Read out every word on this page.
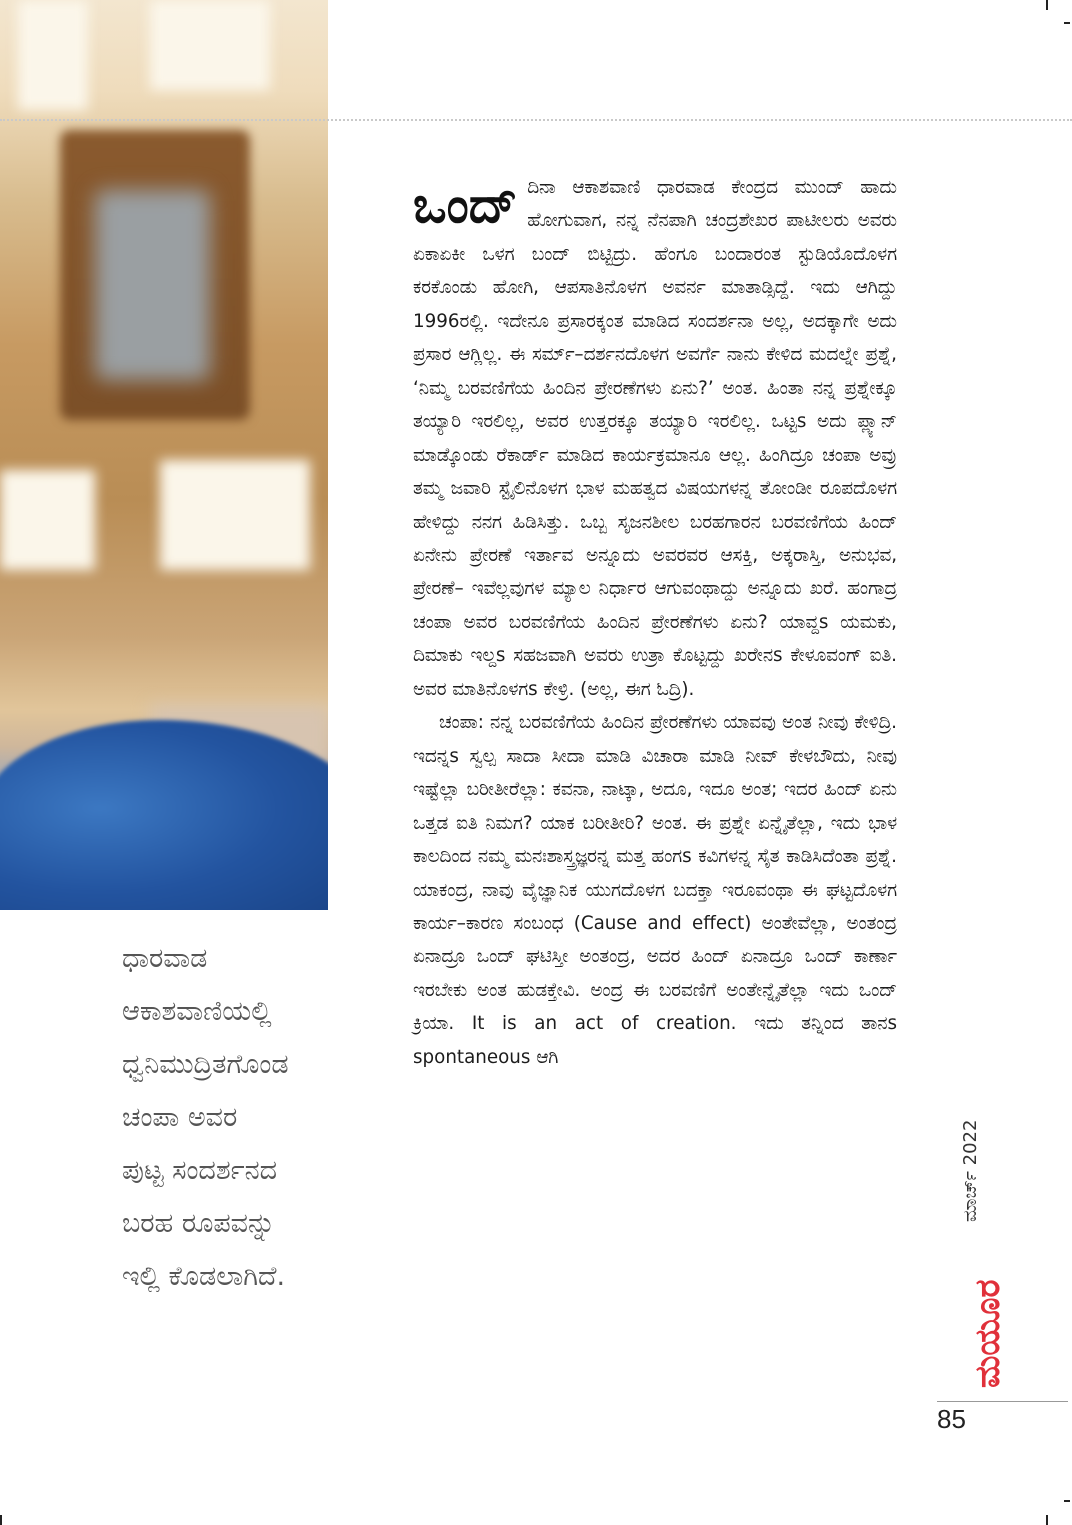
ಒಂದ್ ದಿನಾ ಆಕಾಶವಾಣಿ ಧಾರವಾಡ ಕೇಂದ್ರದ ಮುಂದ್ ಹಾದು ಹೋಗುವಾಗ, ನನ್ನ ನೆನಪಾಗಿ ಚಂದ್ರಶೇಖರ ಪಾಟೀಲರು ಅವರು ಏಕಾಏಕೀ ಒಳಗ ಬಂದ್ ಬಿಟ್ಟಿದ್ರು. ಹೆಂಗೂ ಬಂದಾರಂತ ಸ್ಟುಡಿಯೊದೊಳಗ ಕರಕೊಂಡು ಹೋಗಿ, ಆಪಸಾತಿನೊಳಗ ಅವರ್ನ ಮಾತಾಡ್ಸಿದ್ದೆ. ಇದು ಆಗಿದ್ದು 1996ರಲ್ಲಿ. ಇದೇನೂ ಪ್ರಸಾರಕ್ಕಂತ ಮಾಡಿದ ಸಂದರ್ಶನಾ ಅಲ್ಲ, ಅದಕ್ಕಾಗೇ ಅದು ಪ್ರಸಾರ ಆಗ್ಲಿಲ್ಲ. ಈ ಸರ್ಮ್–ದರ್ಶನದೊಳಗ ಅವರ್ಗೆ ನಾನು ಕೇಳಿದ ಮದಲ್ನೇ ಪ್ರಶ್ನೆ, ‘ನಿಮ್ಮ ಬರವಣಿಗೆಯ ಹಿಂದಿನ ಪ್ರೇರಣೆಗಳು ಏನು?’ ಅಂತ. ಹಿಂತಾ ನನ್ನ ಪ್ರಶ್ನೇಕ್ಕೂ ತಯ್ಯಾರಿ ಇರಲಿಲ್ಲ, ಅವರ ಉತ್ತರಕ್ಕೂ ತಯ್ಯಾರಿ ಇರಲಿಲ್ಲ. ಒಟ್ಟs ಅದು ಪ್ಲ್ಯಾನ್ ಮಾಡ್ಕೊಂಡು ರೆಕಾರ್ಡ್ ಮಾಡಿದ ಕಾರ್ಯಕ್ರಮಾನೂ ಆಲ್ಲ. ಹಿಂಗಿದ್ರೂ ಚಂಪಾ ಅವ್ರು ತಮ್ಮ ಜವಾರಿ ಸ್ಟೈಲಿನೊಳಗ ಭಾಳ ಮಹತ್ವದ ವಿಷಯಗಳನ್ನ ತೋಂಡೀ ರೂಪದೊಳಗ ಹೇಳಿದ್ದು ನನಗ ಹಿಡಿಸಿತ್ತು. ಒಬ್ಬ ಸೃಜನಶೀಲ ಬರಹಗಾರನ ಬರವಣಿಗೆಯ ಹಿಂದ್ ಏನೇನು ಪ್ರೇರಣೆ ಇರ್ತಾವ ಅನ್ನೂದು ಅವರವರ ಆಸಕ್ತಿ, ಅಕ್ಕರಾಸ್ತಿ, ಅನುಭವ, ಪ್ರೇರಣೆ– ಇವೆಲ್ಲವುಗಳ ಮ್ಯಾಲ ನಿರ್ಧಾರ ಆಗುವಂಥಾದ್ದು ಅನ್ನೂದು ಖರೆ. ಹಂಗಾದ್ರ ಚಂಪಾ ಅವರ ಬರವಣಿಗೆಯ ಹಿಂದಿನ ಪ್ರೇರಣೆಗಳು ಏನು? ಯಾವ್ದs ಯಮಕು, ದಿಮಾಕು ಇಲ್ದs ಸಹಜವಾಗಿ ಅವರು ಉತ್ರಾ ಕೊಟ್ಟದ್ದು ಖರೇನs ಕೇಳೂವಂಗ್ ಐತಿ. ಅವರ ಮಾತಿನೊಳಗs ಕೇಳ್ರಿ. (ಅಲ್ಲ, ಈಗ ಓದ್ರಿ).

ಚಂಪಾ: ನನ್ನ ಬರವಣಿಗೆಯ ಹಿಂದಿನ ಪ್ರೇರಣೆಗಳು ಯಾವವು ಅಂತ ನೀವು ಕೇಳಿದ್ರಿ. ಇದನ್ನs ಸ್ವಲ್ಪ ಸಾದಾ ಸೀದಾ ಮಾಡಿ ವಿಚಾರಾ ಮಾಡಿ ನೀವ್ ಕೇಳಬೌದು, ನೀವು ಇಷ್ಟೆಲ್ಲಾ ಬರೀತೀರೆಲ್ಲಾ: ಕವನಾ, ನಾಟ್ಕಾ, ಅದೂ, ಇದೂ ಅಂತ; ಇದರ ಹಿಂದ್ ಏನು ಒತ್ತಡ ಐತಿ ನಿಮಗ? ಯಾಕ ಬರೀತೀರಿ? ಅಂತ. ಈ ಪ್ರಶ್ನೇ ಏನ್ನೈತೆಲ್ಲಾ, ಇದು ಭಾಳ ಕಾಲದಿಂದ ನಮ್ಮ ಮನಃಶಾಸ್ತ್ರಜ್ಞರನ್ನ ಮತ್ತ ಹಂಗs ಕವಿಗಳನ್ನ ಸೈತ ಕಾಡಿಸಿದೆಂತಾ ಪ್ರಶ್ನೆ. ಯಾಕಂದ್ರ, ನಾವು ವೈಜ್ಞಾನಿಕ ಯುಗದೊಳಗ ಬದಕ್ತಾ ಇರೂವಂಥಾ ಈ ಘಟ್ಟದೊಳಗ ಕಾರ್ಯ–ಕಾರಣ ಸಂಬಂಧ (Cause and effect) ಅಂತೇವೆಲ್ಲಾ, ಅಂತಂದ್ರ ಏನಾದ್ರೂ ಒಂದ್ ಘಟಿಸ್ತೀ ಅಂತಂದ್ರ, ಅದರ ಹಿಂದ್ ಏನಾದ್ರೂ ಒಂದ್ ಕಾರ್ಣಾ ಇರಬೇಕು ಅಂತ ಹುಡಕ್ತೇವಿ. ಅಂದ್ರ ಈ ಬರವಣಿಗೆ ಅಂತೇನ್ನೈತೆಲ್ಲಾ ಇದು ಒಂದ್ ಕ್ರಿಯಾ. It is an act of creation. ಇದು ತನ್ನಿಂದ ತಾನs spontaneous ಆಗಿ

ಧಾರವಾಡ
ಆಕಾಶವಾಣಿಯಲ್ಲಿ
ಧ್ವನಿಮುದ್ರಿತಗೊಂಡ
ಚಂಪಾ ಅವರ
ಪುಟ್ಟ ಸಂದರ್ಶನದ
ಬರಹ ರೂಪವನ್ನು
ಇಲ್ಲಿ ಕೊಡಲಾಗಿದೆ.
ಮಾರ್ಚ್ 2022
ಮಯೂರ
85
